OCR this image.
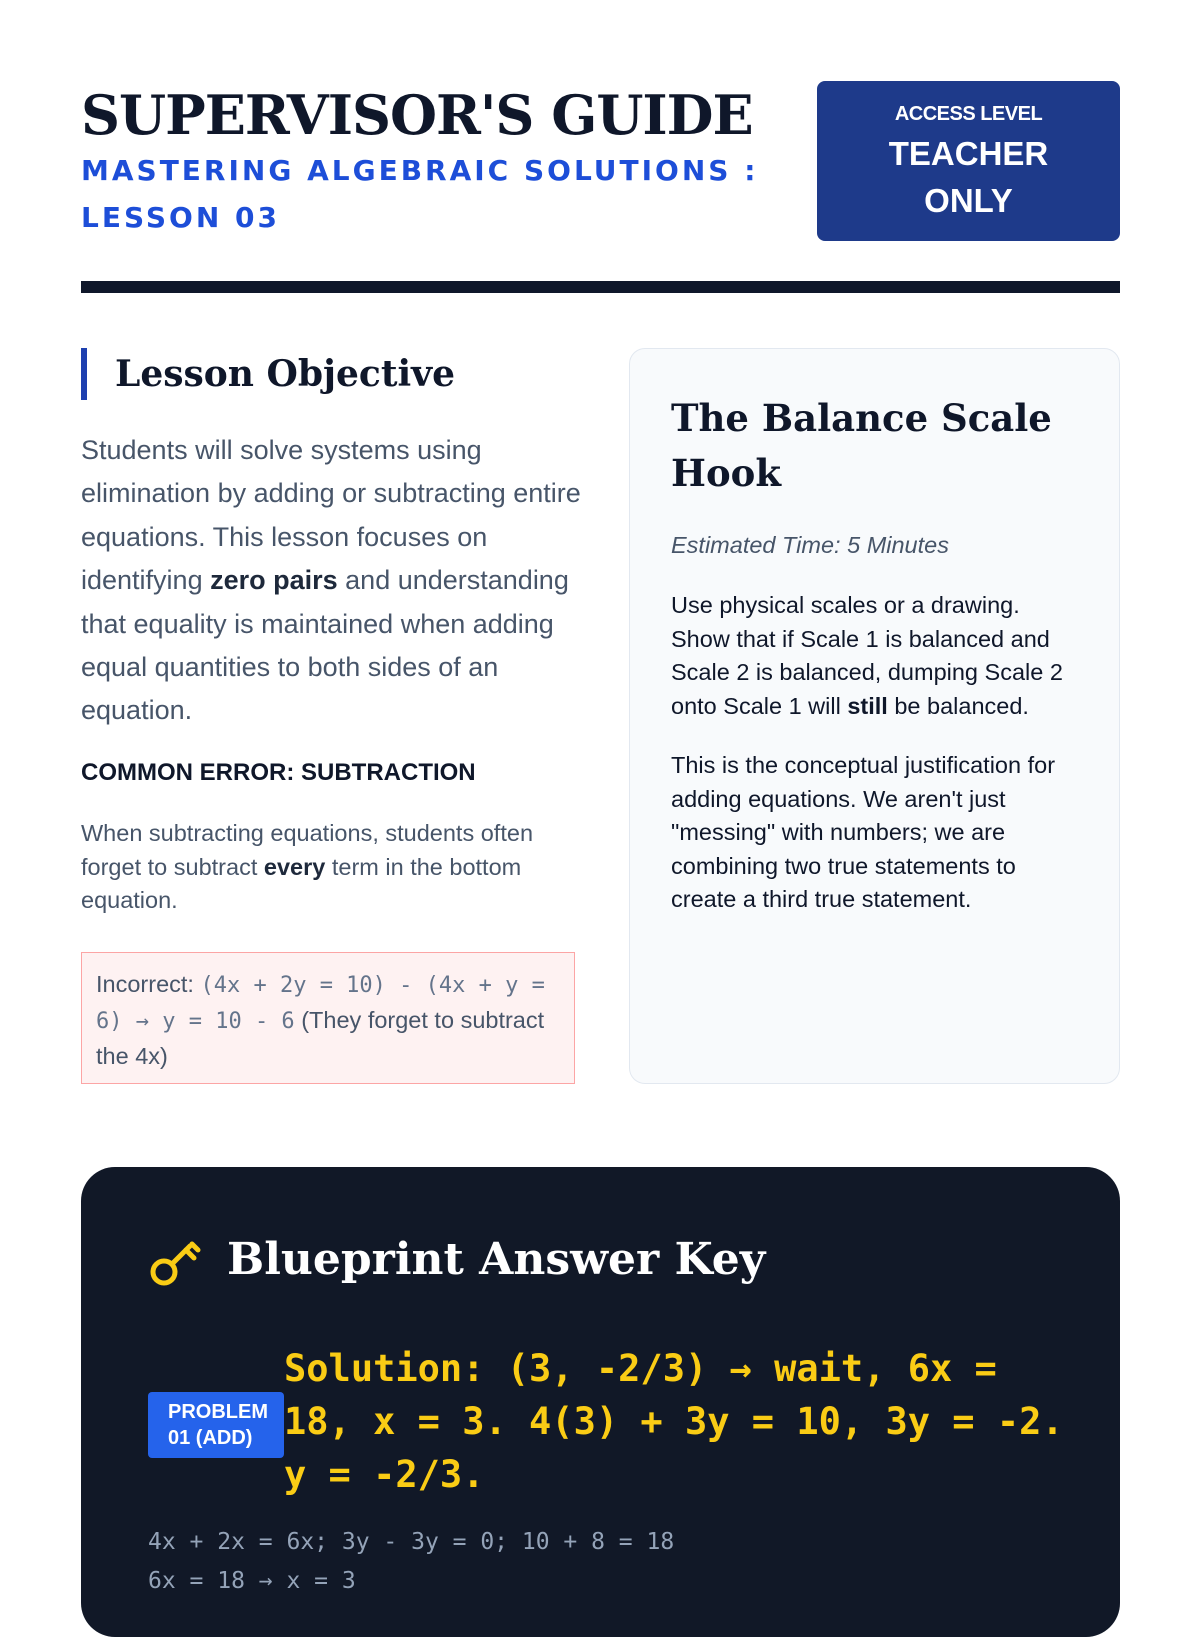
SUPERVISOR'S GUIDE

MASTERING ALGEBRAIC SOLUTIONS : LESSON 03

ACCESS LEVEL
TEACHER ONLY
Lesson Objective

Students will solve systems using elimination by adding or subtracting entire equations. This lesson focuses on identifying zero pairs and understanding that equality is maintained when adding equal quantities to both sides of an equation.

COMMON ERROR: SUBTRACTION

When subtracting equations, students often forget to subtract every term in the bottom equation.

Incorrect: (4x + 2y = 10) - (4x + y = 6) → y = 10 - 6 (They forget to subtract the 4x)
The Balance Scale Hook

Estimated Time: 5 Minutes

Use physical scales or a drawing. Show that if Scale 1 is balanced and Scale 2 is balanced, dumping Scale 2 onto Scale 1 will still be balanced.

This is the conceptual justification for adding equations. We aren't just "messing" with numbers; we are combining two true statements to create a third true statement.

Blueprint Answer Key
PROBLEM 01 (ADD)

Solution: (3, -2/3) → wait, 6x = 18, x = 3. 4(3) + 3y = 10, 3y = -2. y = -2/3.

4x + 2x = 6x; 3y - 3y = 0; 10 + 8 = 18
6x = 18 → x = 3
